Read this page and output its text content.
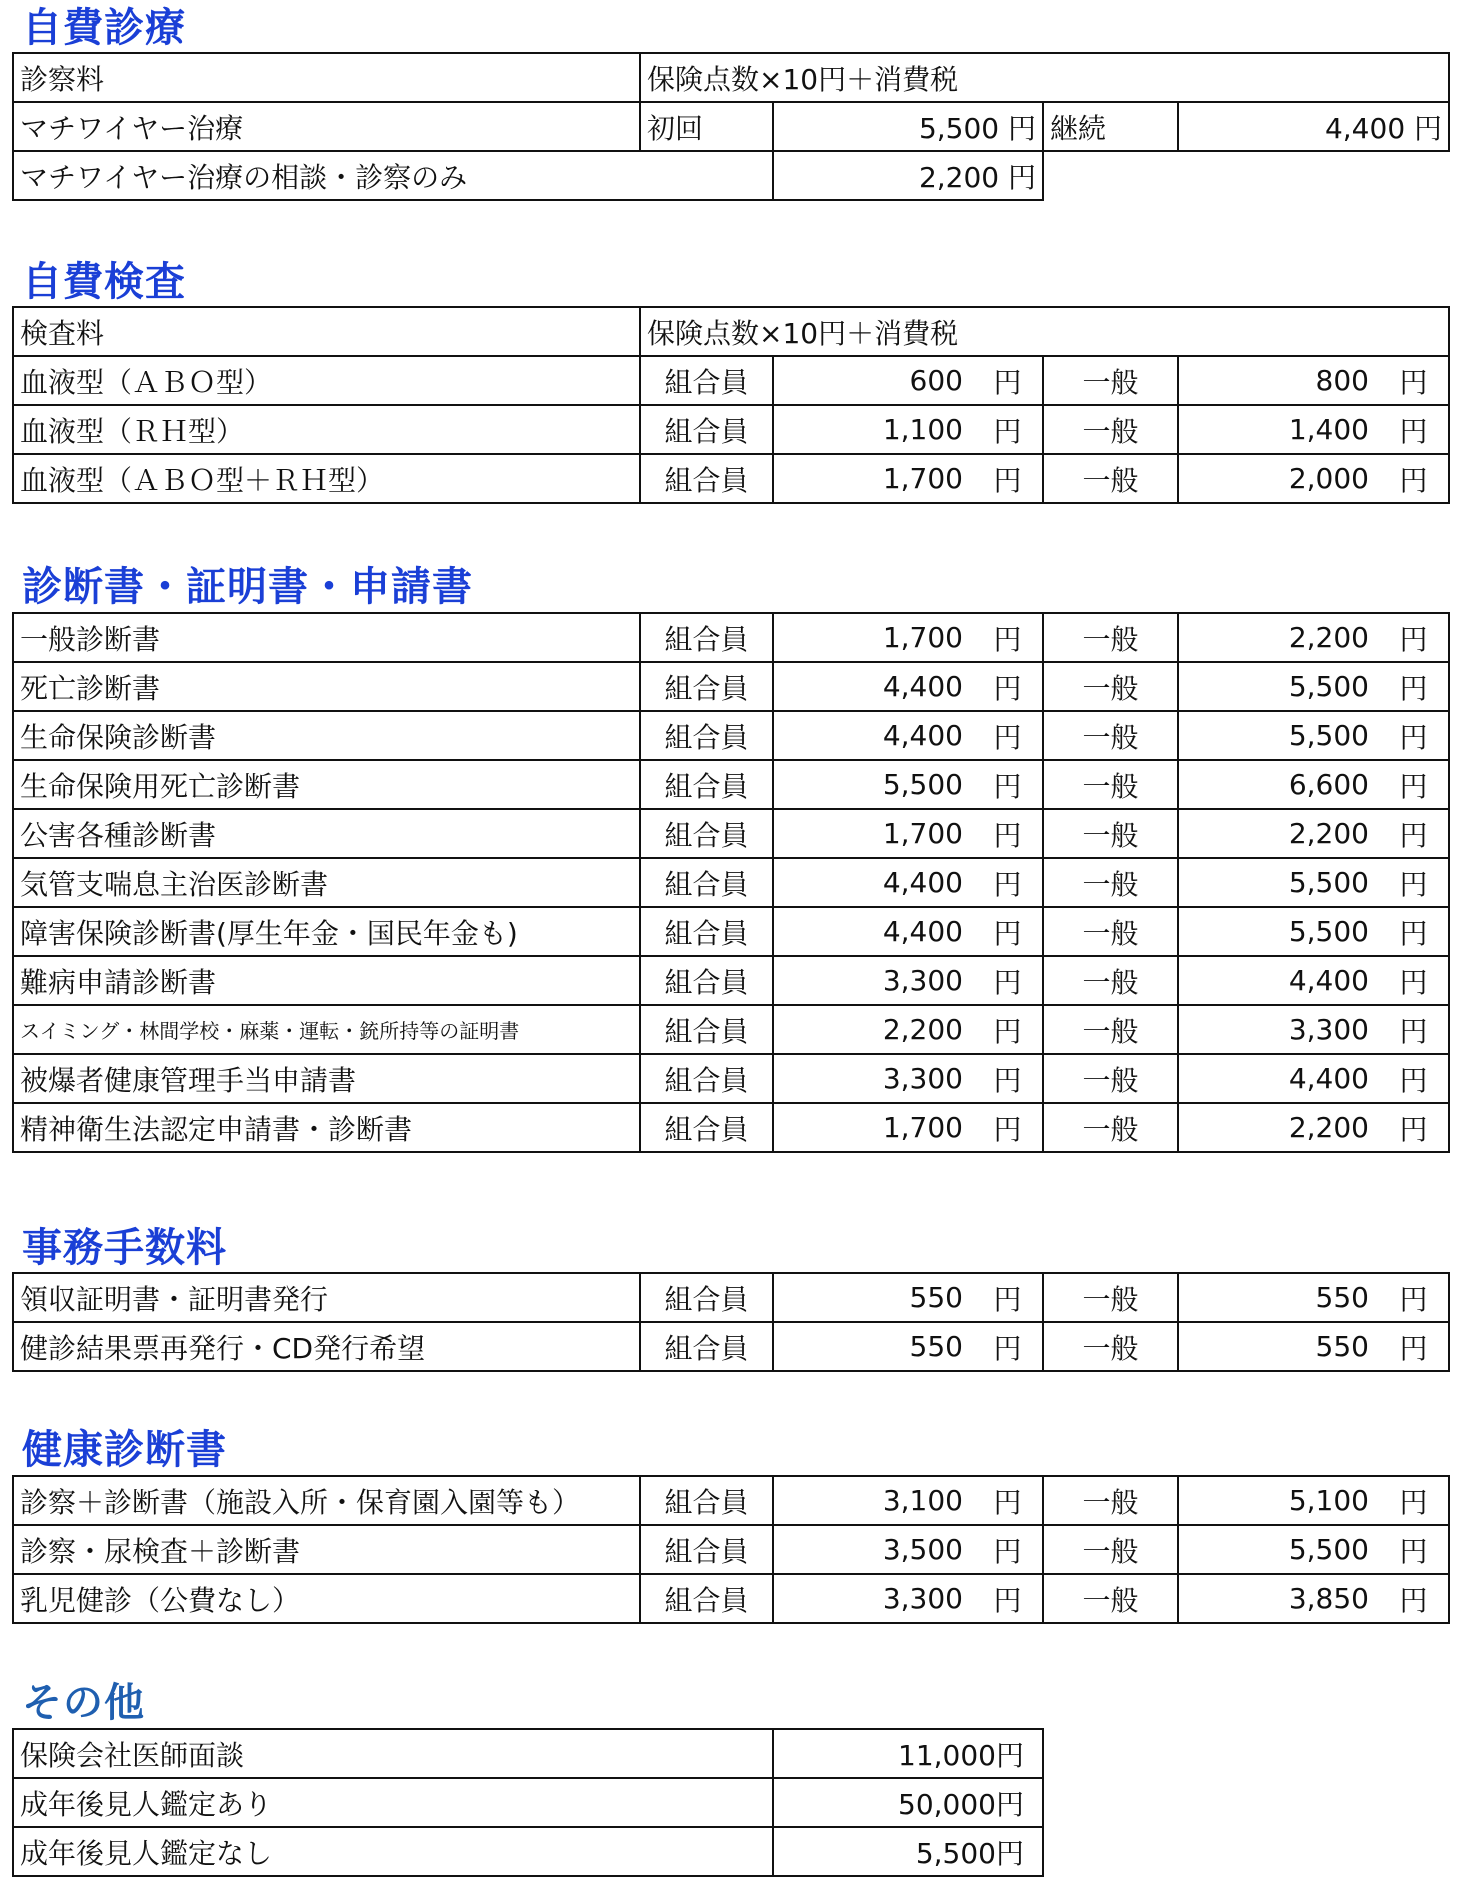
自費診療
診察料	保険点数×10円＋消費税			
マチワイヤー治療	初回	5,500 円	継続	4,400 円
マチワイヤー治療の相談・診察のみ		2,200 円		
自費検査
検査料	保険点数×10円＋消費税					
血液型（ＡＢＯ型）	組合員	600	円	一般	800	円
血液型（ＲＨ型）	組合員	1,100	円	一般	1,400	円
血液型（ＡＢＯ型＋ＲＨ型）	組合員	1,700	円	一般	2,000	円
診断書・証明書・申請書
一般診断書	組合員	1,700	円	一般	2,200	円
死亡診断書	組合員	4,400	円	一般	5,500	円
生命保険診断書	組合員	4,400	円	一般	5,500	円
生命保険用死亡診断書	組合員	5,500	円	一般	6,600	円
公害各種診断書	組合員	1,700	円	一般	2,200	円
気管支喘息主治医診断書	組合員	4,400	円	一般	5,500	円
障害保険診断書(厚生年金・国民年金も)	組合員	4,400	円	一般	5,500	円
難病申請診断書	組合員	3,300	円	一般	4,400	円
スイミング・林間学校・麻薬・運転・銃所持等の証明書	組合員	2,200	円	一般	3,300	円
被爆者健康管理手当申請書	組合員	3,300	円	一般	4,400	円
精神衛生法認定申請書・診断書	組合員	1,700	円	一般	2,200	円
事務手数料
領収証明書・証明書発行	組合員	550	円	一般	550	円
健診結果票再発行・CD発行希望	組合員	550	円	一般	550	円
健康診断書
診察＋診断書（施設入所・保育園入園等も）	組合員	3,100	円	一般	5,100	円
診察・尿検査＋診断書	組合員	3,500	円	一般	5,500	円
乳児健診（公費なし）	組合員	3,300	円	一般	3,850	円
その他
保険会社医師面談	11,000円
成年後見人鑑定あり	50,000円
成年後見人鑑定なし	5,500円
